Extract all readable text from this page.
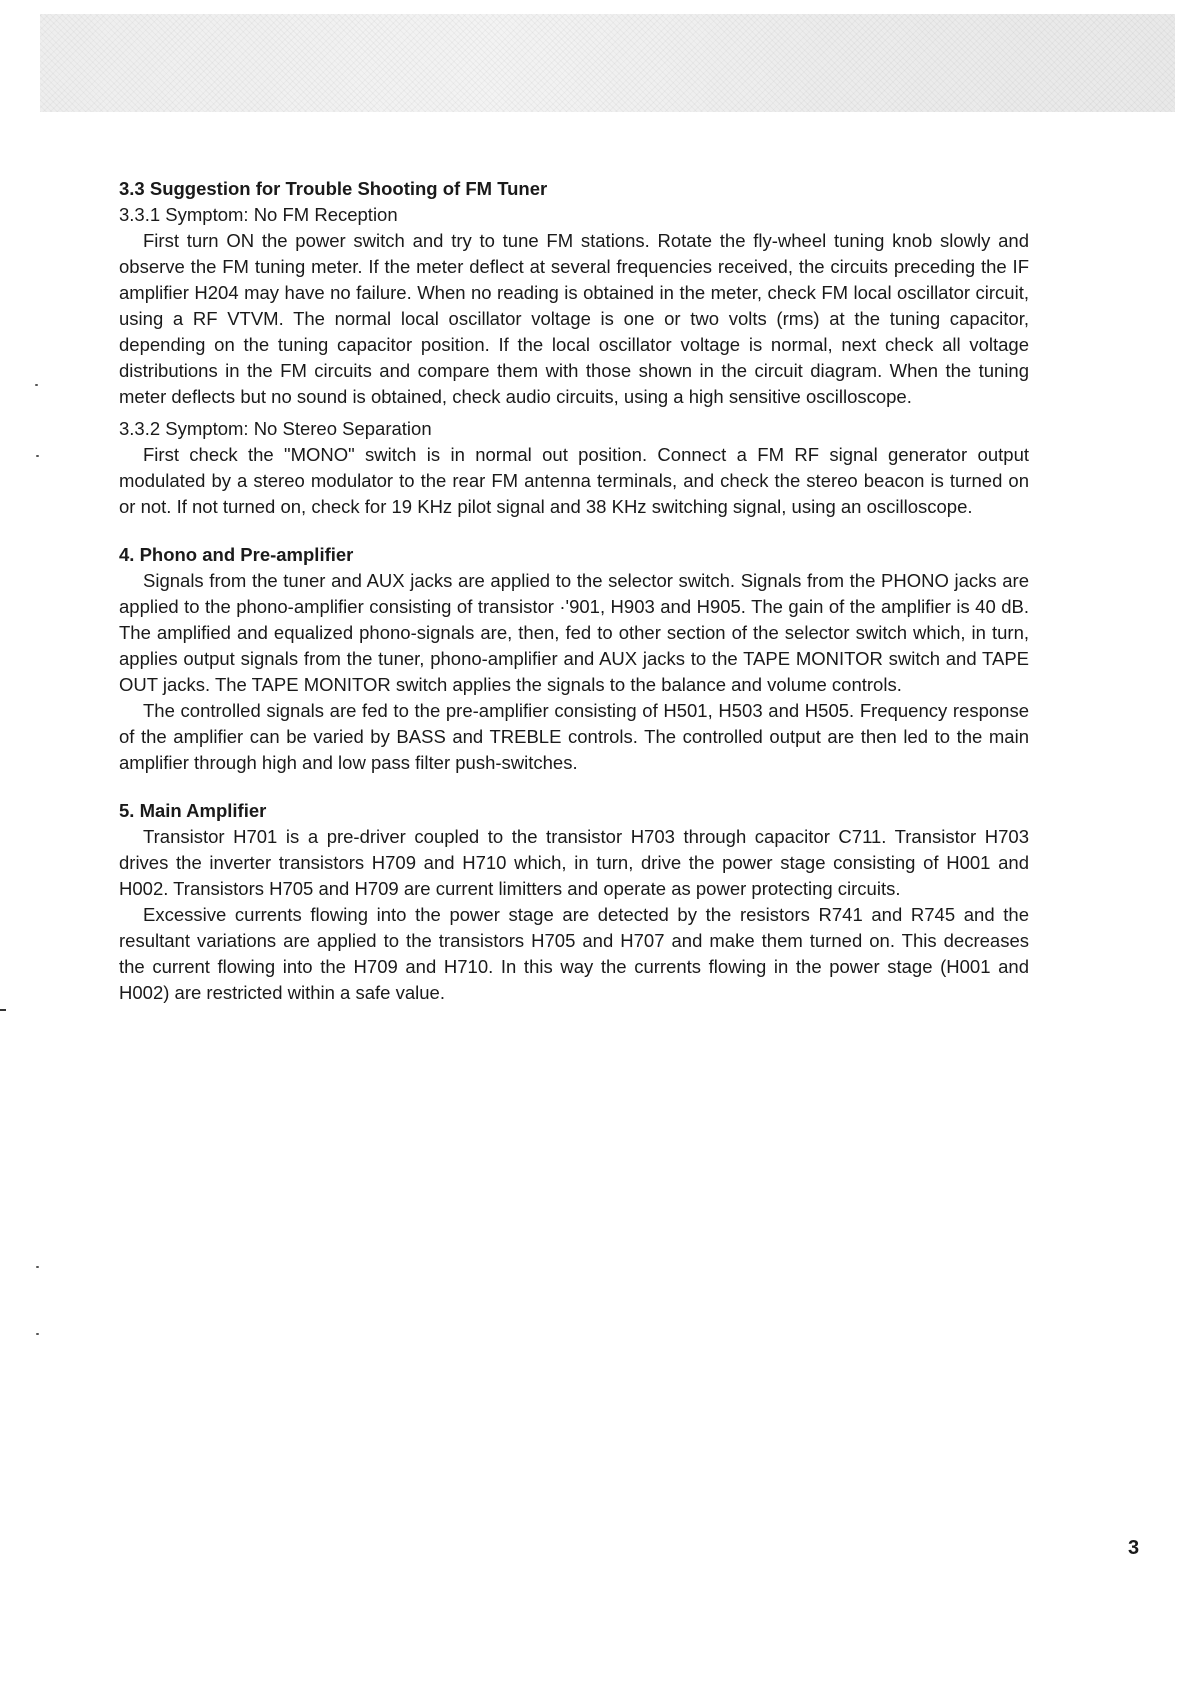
3.3 Suggestion for Trouble Shooting of FM Tuner

3.3.1 Symptom: No FM Reception

First turn ON the power switch and try to tune FM stations. Rotate the fly-wheel tuning knob slowly and observe the FM tuning meter. If the meter deflect at several frequencies received, the circuits preceding the IF amplifier H204 may have no failure. When no reading is obtained in the meter, check FM local oscillator circuit, using a RF VTVM. The normal local oscillator voltage is one or two volts (rms) at the tuning capacitor, depending on the tuning capacitor position. If the local oscillator voltage is normal, next check all voltage distributions in the FM circuits and compare them with those shown in the circuit diagram. When the tuning meter deflects but no sound is obtained, check audio circuits, using a high sensitive oscilloscope.

3.3.2 Symptom: No Stereo Separation

First check the "MONO" switch is in normal out position. Connect a FM RF signal generator output modulated by a stereo modulator to the rear FM antenna terminals, and check the stereo beacon is turned on or not. If not turned on, check for 19 KHz pilot signal and 38 KHz switching signal, using an oscilloscope.

4. Phono and Pre-amplifier

Signals from the tuner and AUX jacks are applied to the selector switch. Signals from the PHONO jacks are applied to the phono-amplifier consisting of transistor ·'901, H903 and H905. The gain of the amplifier is 40 dB. The amplified and equalized phono-signals are, then, fed to other section of the selector switch which, in turn, applies output signals from the tuner, phono-amplifier and AUX jacks to the TAPE MONITOR switch and TAPE OUT jacks. The TAPE MONITOR switch applies the signals to the balance and volume controls.

The controlled signals are fed to the pre-amplifier consisting of H501, H503 and H505. Frequency response of the amplifier can be varied by BASS and TREBLE controls. The controlled output are then led to the main amplifier through high and low pass filter push-switches.

5. Main Amplifier

Transistor H701 is a pre-driver coupled to the transistor H703 through capacitor C711. Transistor H703 drives the inverter transistors H709 and H710 which, in turn, drive the power stage consisting of H001 and H002. Transistors H705 and H709 are current limitters and operate as power protecting circuits.

Excessive currents flowing into the power stage are detected by the resistors R741 and R745 and the resultant variations are applied to the transistors H705 and H707 and make them turned on. This decreases the current flowing into the H709 and H710. In this way the currents flowing in the power stage (H001 and H002) are restricted within a safe value.

3
